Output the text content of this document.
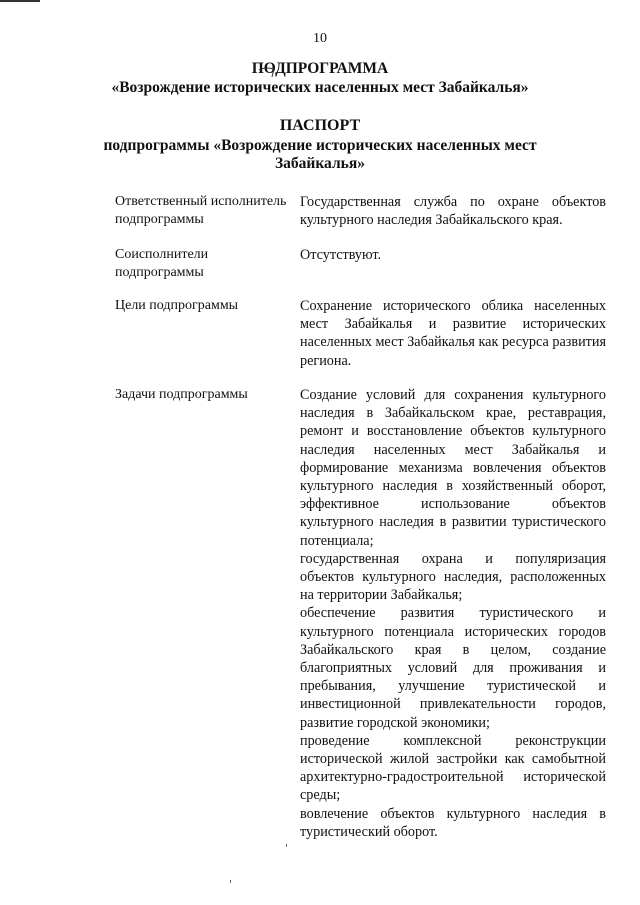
10
ПОДПРОГРАММА
«Возрождение исторических населенных мест Забайкалья»
ПАСПОРТ
подпрограммы «Возрождение исторических населенных мест
Забайкалья»
Ответственный исполнитель подпрограммы

Государственная служба по охране объектов культурного наследия Забайкальского края.

Соисполнители подпрограммы

Отсутствуют.

Цели подпрограммы	Сохранение исторического облика населенных мест Забайкалья и развитие исторических населенных мест Забайкалья как ресурса развития региона.

Задачи подпрограммы	Создание условий для сохранения культурного наследия в Забайкальском крае, реставрация, ремонт и восстановление объектов культурного наследия населенных мест Забайкалья и формирование механизма вовлечения объектов культурного наследия в хозяйственный оборот, эффективное использование объектов культурного наследия в развитии туристического потенциала;

государственная охрана и популяризация объектов культурного наследия, расположенных на территории Забайкалья;

обеспечение развития туристического и культурного потенциала исторических городов Забайкальского края в целом, создание благоприятных условий для проживания и пребывания, улучшение туристической и инвестиционной привлекательности городов, развитие городской экономики;

проведение комплексной реконструкции исторической жилой застройки как самобытной архитектурно-градостроительной исторической среды;

вовлечение объектов культурного наследия в туристический оборот.
